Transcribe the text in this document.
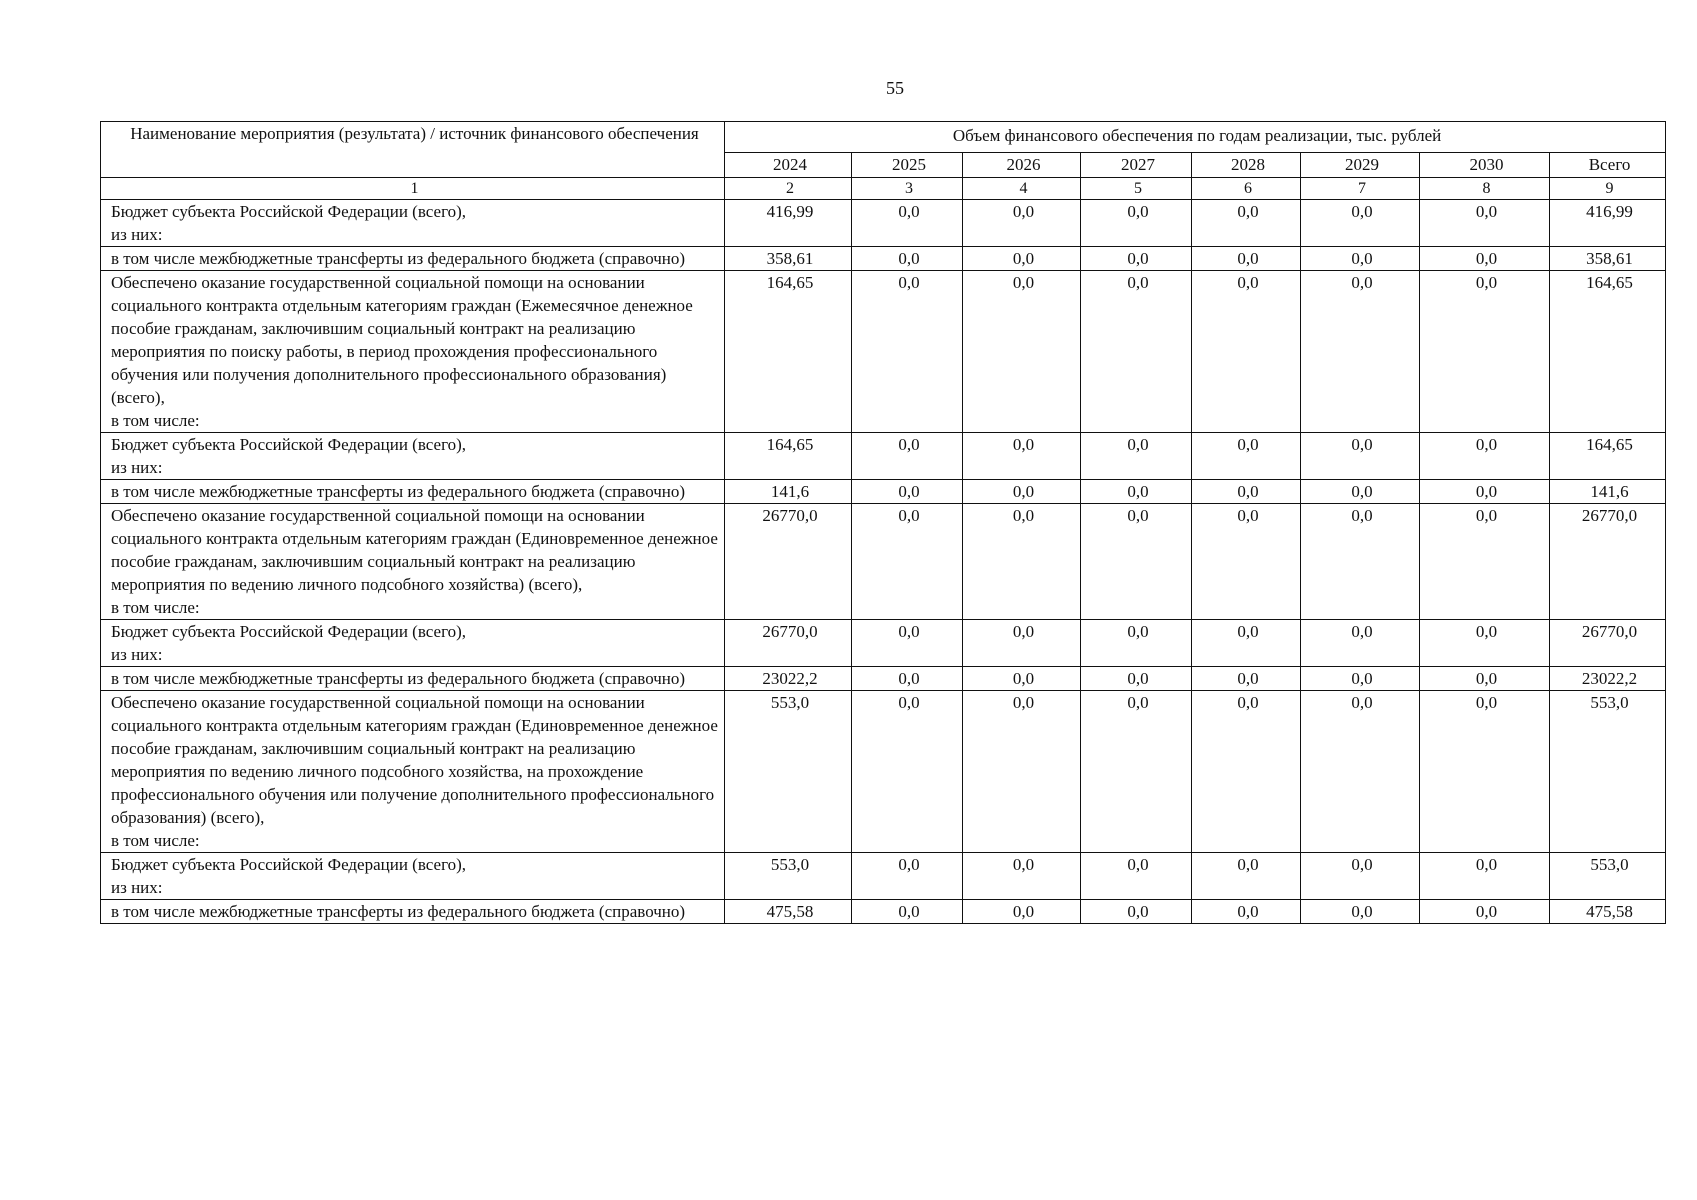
55
Наименование мероприятия (результата) / источник финансового обеспечения	Объем финансового обеспечения по годам реализации, тыс. рублей							
	2024	2025	2026	2027	2028	2029	2030	Всего
1	2	3	4	5	6	7	8	9
Бюджет субъекта Российской Федерации (всего),
из них:	416,99	0,0	0,0	0,0	0,0	0,0	0,0	416,99
в том числе межбюджетные трансферты из федерального бюджета (справочно)	358,61	0,0	0,0	0,0	0,0	0,0	0,0	358,61
Обеспечено оказание государственной социальной помощи на основании социального контракта отдельным категориям граждан (Ежемесячное денежное пособие гражданам, заключившим социальный контракт на реализацию мероприятия по поиску работы, в период прохождения профессионального обучения или получения дополнительного профессионального образования) (всего),
в том числе:	164,65	0,0	0,0	0,0	0,0	0,0	0,0	164,65
Бюджет субъекта Российской Федерации (всего),
из них:	164,65	0,0	0,0	0,0	0,0	0,0	0,0	164,65
в том числе межбюджетные трансферты из федерального бюджета (справочно)	141,6	0,0	0,0	0,0	0,0	0,0	0,0	141,6
Обеспечено оказание государственной социальной помощи на основании социального контракта отдельным категориям граждан (Единовременное денежное пособие гражданам, заключившим социальный контракт на реализацию мероприятия по ведению личного подсобного хозяйства) (всего),
в том числе:	26770,0	0,0	0,0	0,0	0,0	0,0	0,0	26770,0
Бюджет субъекта Российской Федерации (всего),
из них:	26770,0	0,0	0,0	0,0	0,0	0,0	0,0	26770,0
в том числе межбюджетные трансферты из федерального бюджета (справочно)	23022,2	0,0	0,0	0,0	0,0	0,0	0,0	23022,2
Обеспечено оказание государственной социальной помощи на основании социального контракта отдельным категориям граждан (Единовременное денежное пособие гражданам, заключившим социальный контракт на реализацию мероприятия по ведению личного подсобного хозяйства, на прохождение профессионального обучения или получение дополнительного профессионального образования) (всего),
в том числе:	553,0	0,0	0,0	0,0	0,0	0,0	0,0	553,0
Бюджет субъекта Российской Федерации (всего),
из них:	553,0	0,0	0,0	0,0	0,0	0,0	0,0	553,0
в том числе межбюджетные трансферты из федерального бюджета (справочно)	475,58	0,0	0,0	0,0	0,0	0,0	0,0	475,58
